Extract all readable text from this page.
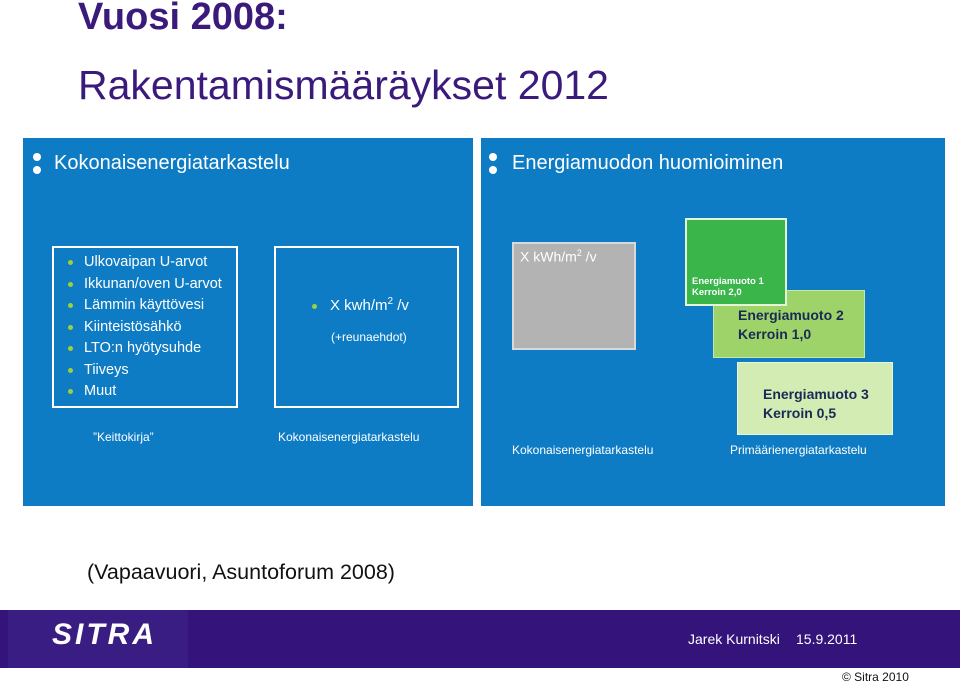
Vuosi 2008:
Rakentamismääräykset 2012
Kokonaisenergiatarkastelu
Ulkovaipan U-arvot
Ikkunan/oven U-arvot
Lämmin käyttövesi
Kiinteistösähkö
LTO:n hyötysuhde
Tiiveys
Muut
X kwh/$m^2$ /v
(+reunaehdot)
”Keittokirja”	Kokonaisenergiatarkastelu
Energiamuodon huomioiminen
X kWh/$m^2$ /v
Energiamuoto 3
Kerroin 0,5
Energiamuoto 2
Kerroin 1,0
Energiamuoto 1
Kerroin 2,0
Kokonaisenergiatarkastelu	Primäärienergiatarkastelu
(Vapaavuori, Asuntoforum 2008)
SITRA	Jarek Kurnitski 15.9.2011
© Sitra 2010
